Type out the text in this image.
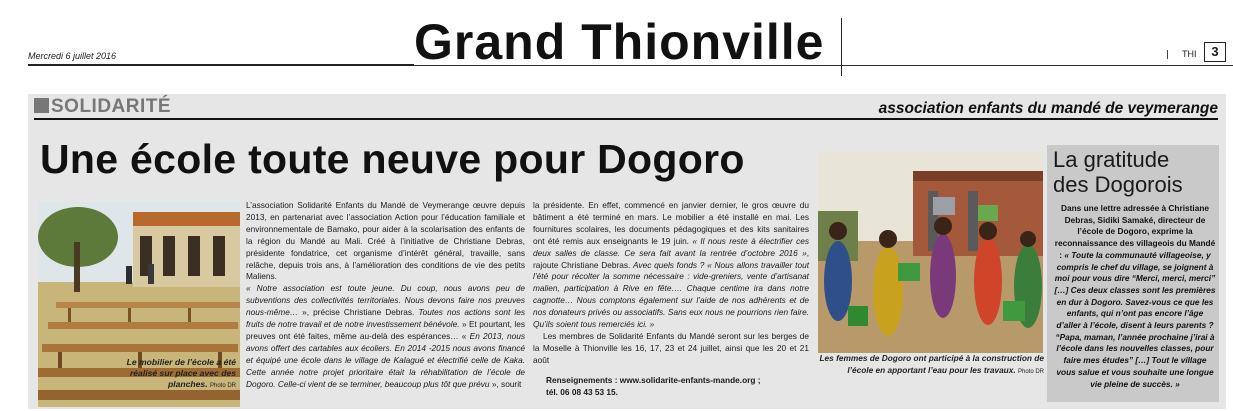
Mercredi 6 juillet 2016	Grand Thionville	THI	3
SOLIDARITÉ	association enfants du mandé de veymerange
Une école toute neuve pour Dogoro
Le mobilier de l’école a été réalisé sur place avec des planches. Photo DR

L’association Solidarité Enfants du Mandé de Veymerange œuvre depuis 2013, en partenariat avec l’association Action pour l’éducation familiale et environnementale de Bamako, pour aider à la scolarisation des enfants de la région du Mandé au Mali. Créé à l’initiative de Christiane Debras, présidente fondatrice, cet organisme d’intérêt général, travaille, sans relâche, depuis trois ans, à l’amélioration des conditions de vie des petits Maliens.

« Notre association est toute jeune. Du coup, nous avons peu de subventions des collectivités territoriales. Nous devons faire nos preuves nous-même… », précise Christiane Debras. Toutes nos actions sont les fruits de notre travail et de notre investissement bénévole. » Et pourtant, les preuves ont été faites, même au-delà des espérances… « En 2013, nous avons offert des cartables aux écoliers. En 2014 -2015 nous avons financé et équipé une école dans le village de Kalagué et électrifié celle de Kaka. Cette année notre projet prioritaire était la réhabilitation de l’école de Dogoro. Celle-ci vient de se terminer, beaucoup plus tôt que prévu », sourit

la présidente. En effet, commencé en janvier dernier, le gros œuvre du bâtiment a été terminé en mars. Le mobilier a été installé en mai. Les fournitures scolaires, les documents pédagogiques et des kits sanitaires ont été remis aux enseignants le 19 juin. « Il nous reste à électrifier ces deux salles de classe. Ce sera fait avant la rentrée d’octobre 2016 », rajoute Christiane Debras. Avec quels fonds ? « Nous allons travailler tout l’été pour récolter la somme nécessaire : vide-greniers, vente d’artisanat malien, participation à Rive en fête…. Chaque centime ira dans notre cagnotte… Nous comptons également sur l’aide de nos adhérents et de nos donateurs privés ou associatifs. Sans eux nous ne pourrions rien faire. Qu’ils soient tous remerciés ici. »

Les membres de Solidarité Enfants du Mandé seront sur les berges de la Moselle à Thionville les 16, 17, 23 et 24 juillet, ainsi que les 20 et 21 août

Renseignements : www.solidarite-enfants-mande.org ;
tél. 06 08 43 53 15.
Les femmes de Dogoro ont participé à la construction de l’école en apportant l’eau pour les travaux. Photo DR
La gratitude
des Dogorois
Dans une lettre adressée à Christiane Debras, Sidiki Samaké, directeur de l’école de Dogoro, exprime la reconnaissance des villageois du Mandé : « Toute la communauté villageoise, y compris le chef du village, se joignent à moi pour vous dire “Merci, merci, merci” […] Ces deux classes sont les premières en dur à Dogoro. Savez-vous ce que les enfants, qui n’ont pas encore l’âge d’aller à l’école, disent à leurs parents ? “Papa, maman, l’année prochaine j’irai à l’école dans les nouvelles classes, pour faire mes études” […] Tout le village vous salue et vous souhaite une longue vie pleine de succès. »
